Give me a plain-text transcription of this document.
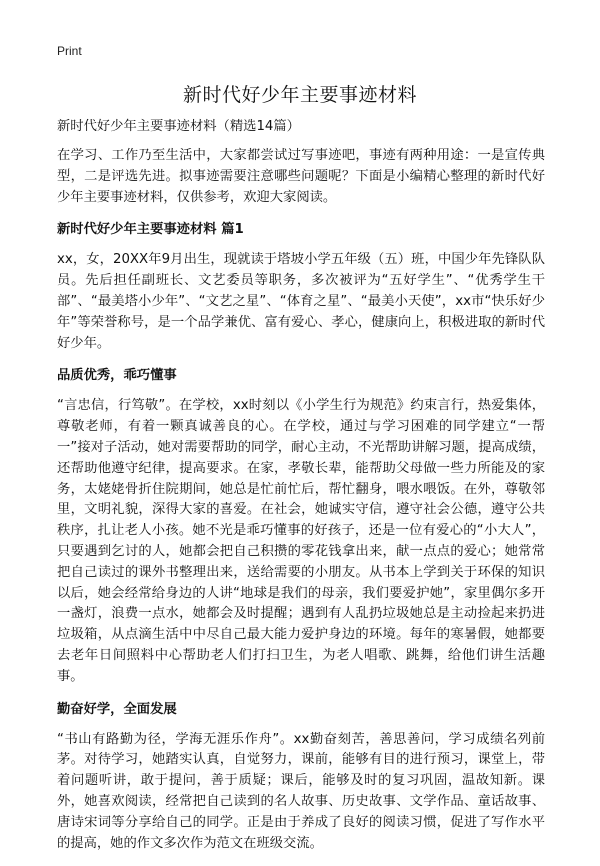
Print
新时代好少年主要事迹材料
新时代好少年主要事迹材料（精选14篇）

在学习、工作乃至生活中，大家都尝试过写事迹吧，事迹有两种用途：一是宣传典型，二是评选先进。拟事迹需要注意哪些问题呢？下面是小编精心整理的新时代好少年主要事迹材料，仅供参考，欢迎大家阅读。

新时代好少年主要事迹材料 篇1

xx，女，20XX年9月出生，现就读于塔坡小学五年级（五）班，中国少年先锋队队员。先后担任副班长、文艺委员等职务，多次被评为“五好学生”、“优秀学生干部”、“最美塔小少年”、“文艺之星”、“体育之星”、“最美小天使”，xx市“快乐好少年”等荣誉称号，是一个品学兼优、富有爱心、孝心，健康向上，积极进取的新时代好少年。

品质优秀，乖巧懂事

“言忠信，行笃敬”。在学校，xx时刻以《小学生行为规范》约束言行，热爱集体，尊敬老师，有着一颗真诚善良的心。在学校，通过与学习困难的同学建立“一帮一”接对子活动，她对需要帮助的同学，耐心主动，不光帮助讲解习题，提高成绩，还帮助他遵守纪律，提高要求。在家，孝敬长辈，能帮助父母做一些力所能及的家务，太姥姥骨折住院期间，她总是忙前忙后，帮忙翻身，喂水喂饭。在外，尊敬邻里，文明礼貌，深得大家的喜爱。在社会，她诚实守信，遵守社会公德，遵守公共秩序，扎让老人小孩。她不光是乖巧懂事的好孩子，还是一位有爱心的“小大人”，只要遇到乞讨的人，她都会把自己积攒的零花钱拿出来，献一点点的爱心；她常常把自己读过的课外书整理出来，送给需要的小朋友。从书本上学到关于环保的知识以后，她会经常给身边的人讲“地球是我们的母亲，我们要爱护她”，家里偶尔多开一盏灯，浪费一点水，她都会及时提醒；遇到有人乱扔垃圾她总是主动捡起来扔进垃圾箱，从点滴生活中中尽自己最大能力爱护身边的环境。每年的寒暑假，她都要去老年日间照料中心帮助老人们打扫卫生，为老人唱歌、跳舞，给他们讲生活趣事。

勤奋好学，全面发展

“书山有路勤为径，学海无涯乐作舟”。xx勤奋刻苦，善思善问，学习成绩名列前茅。对待学习，她踏实认真，自觉努力，课前，能够有目的进行预习，课堂上，带着问题听讲，敢于提问，善于质疑；课后，能够及时的复习巩固，温故知新。课外，她喜欢阅读，经常把自己读到的名人故事、历史故事、文学作品、童话故事、唐诗宋词等分享给自己的同学。正是由于养成了良好的阅读习惯，促进了写作水平的提高，她的作文多次作为范文在班级交流。
